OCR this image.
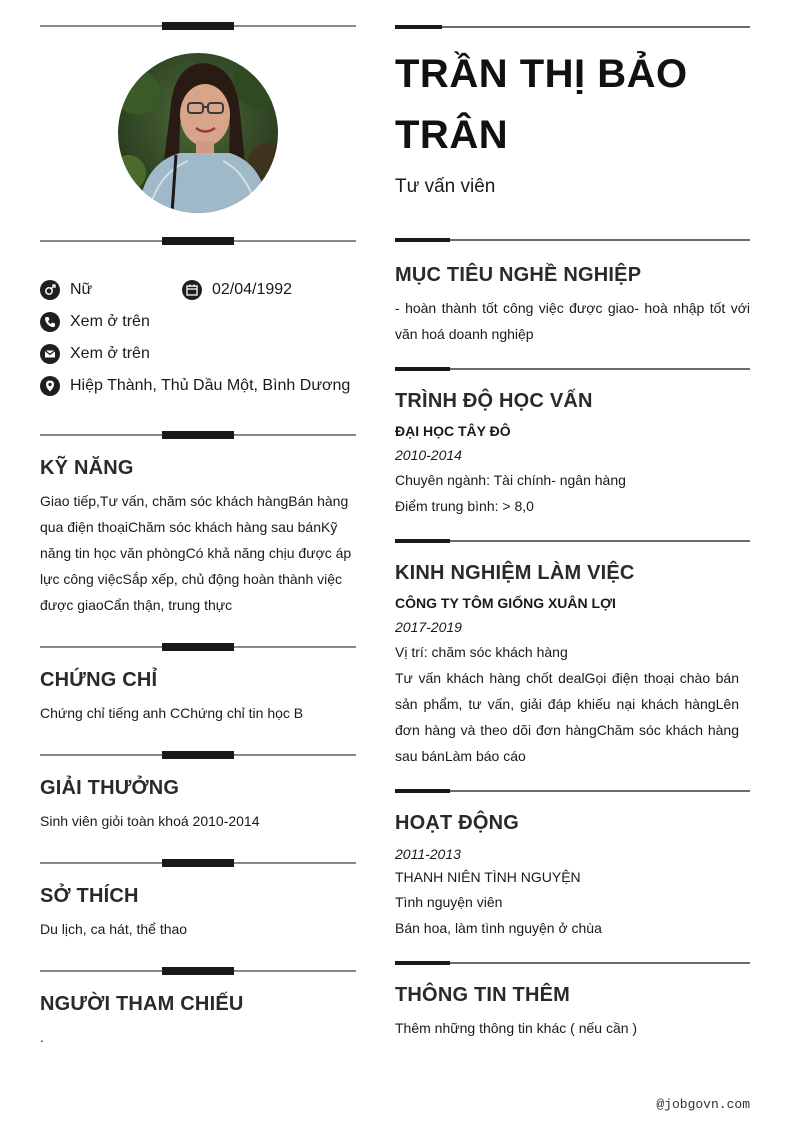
Nữ	02/04/1992
Xem ở trên
Xem ở trên
Hiệp Thành, Thủ Dầu Một, Bình Dương
KỸ NĂNG
Giao tiếp,Tư vấn, chăm sóc khách hàngBán hàng qua điện thoạiChăm sóc khách hàng sau bánKỹ năng tin học văn phòngCó khả năng chịu được áp lực công việcSắp xếp, chủ động hoàn thành việc được giaoCẩn thận, trung thực
CHỨNG CHỈ
Chứng chỉ tiếng anh CChứng chỉ tin học B
GIẢI THƯỞNG
Sinh viên giỏi toàn khoá 2010-2014
SỞ THÍCH
Du lịch, ca hát, thể thao
NGƯỜI THAM CHIẾU
.
TRẦN THỊ BẢO TRÂN
Tư vấn viên
MỤC TIÊU NGHỀ NGHIỆP
- hoàn thành tốt công việc được giao- hoà nhập tốt với văn hoá doanh nghiệp
TRÌNH ĐỘ HỌC VẤN
ĐẠI HỌC TÂY ĐÔ
2010-2014
Chuyên ngành: Tài chính- ngân hàng
Điểm trung bình: > 8,0
KINH NGHIỆM LÀM VIỆC
CÔNG TY TÔM GIỐNG XUÂN LỢI
2017-2019
Vị trí: chăm sóc khách hàng
Tư vấn khách hàng chốt dealGọi điện thoại chào bán sản phẩm, tư vấn, giải đáp khiếu nại khách hàngLên đơn hàng và theo dõi đơn hàngChăm sóc khách hàng sau bánLàm báo cáo
HOẠT ĐỘNG
2011-2013
THANH NIÊN TÌNH NGUYỆN
Tình nguyện viên
Bán hoa, làm tình nguyện ở chùa
THÔNG TIN THÊM
Thêm những thông tin khác ( nếu cần )
@jobgovn.com
